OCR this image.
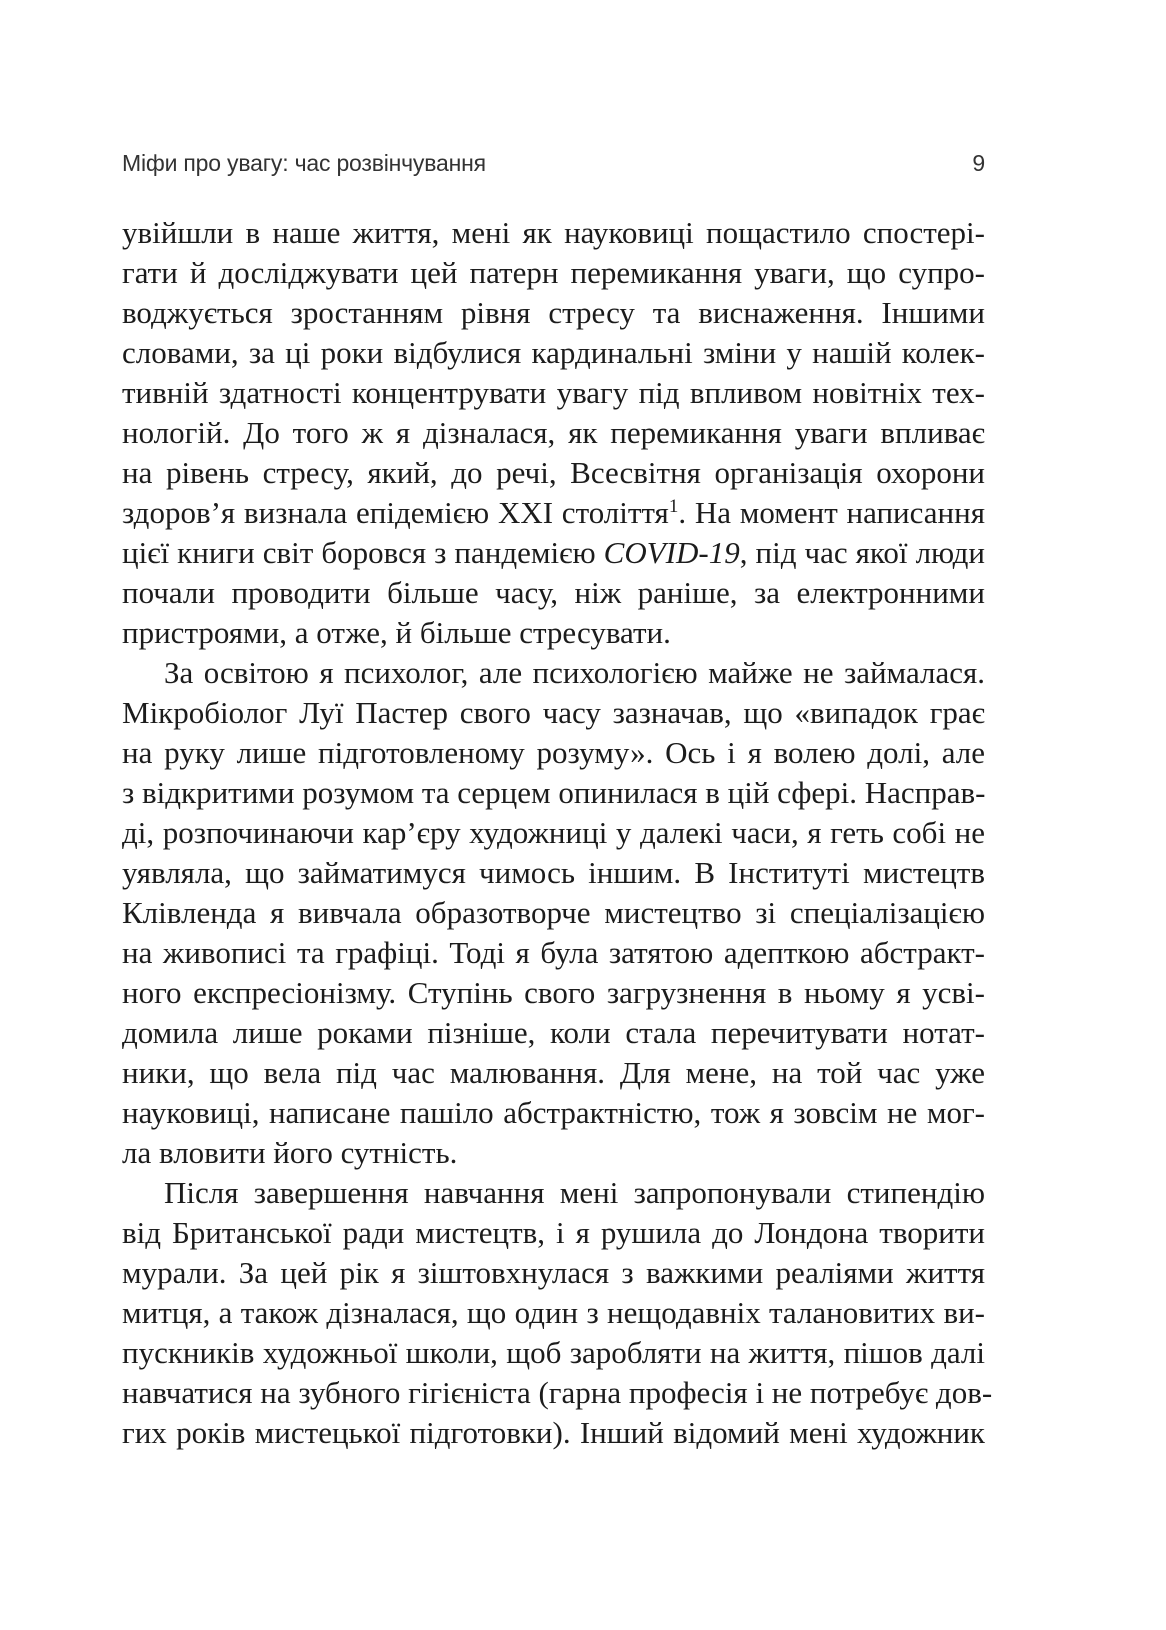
Міфи про увагу: час розвінчування	9
увійшли в наше життя, мені як науковиці пощастило спостері-
гати й досліджувати цей патерн перемикання уваги, що супро-
воджується зростанням рівня стресу та виснаження. Іншими
словами, за ці роки відбулися кардинальні зміни у нашій колек-
тивній здатності концентрувати увагу під впливом новітніх тех-
нологій. До того ж я дізналася, як перемикання уваги впливає
на рівень стресу, який, до речі, Всесвітня організація охорони
здоров’я визнала епідемією XXI століття$^1$. На момент написання
цієї книги світ боровся з пандемією COVID-19, під час якої люди
почали проводити більше часу, ніж раніше, за електронними
пристроями, а отже, й більше стресувати.
За освітою я психолог, але психологією майже не займалася.
Мікробіолог Луї Пастер свого часу зазначав, що «випадок грає
на руку лише підготовленому розуму». Ось і я волею долі, але
з відкритими розумом та серцем опинилася в цій сфері. Насправ-
ді, розпочинаючи кар’єру художниці у далекі часи, я геть собі не
уявляла, що займатимуся чимось іншим. В Інституті мистецтв
Клівленда я вивчала образотворче мистецтво зі спеціалізацією
на живописі та графіці. Тоді я була затятою адепткою абстракт-
ного експресіонізму. Ступінь свого загрузнення в ньому я усві-
домила лише роками пізніше, коли стала перечитувати нотат-
ники, що вела під час малювання. Для мене, на той час уже
науковиці, написане пашіло абстрактністю, тож я зовсім не мог-
ла вловити його сутність.
Після завершення навчання мені запропонували стипендію
від Британської ради мистецтв, і я рушила до Лондона творити
мурали. За цей рік я зіштовхнулася з важкими реаліями життя
митця, а також дізналася, що один з нещодавніх талановитих ви-
пускників художньої школи, щоб заробляти на життя, пішов далі
навчатися на зубного гігієніста (гарна професія і не потребує дов-
гих років мистецької підготовки). Інший відомий мені художник
